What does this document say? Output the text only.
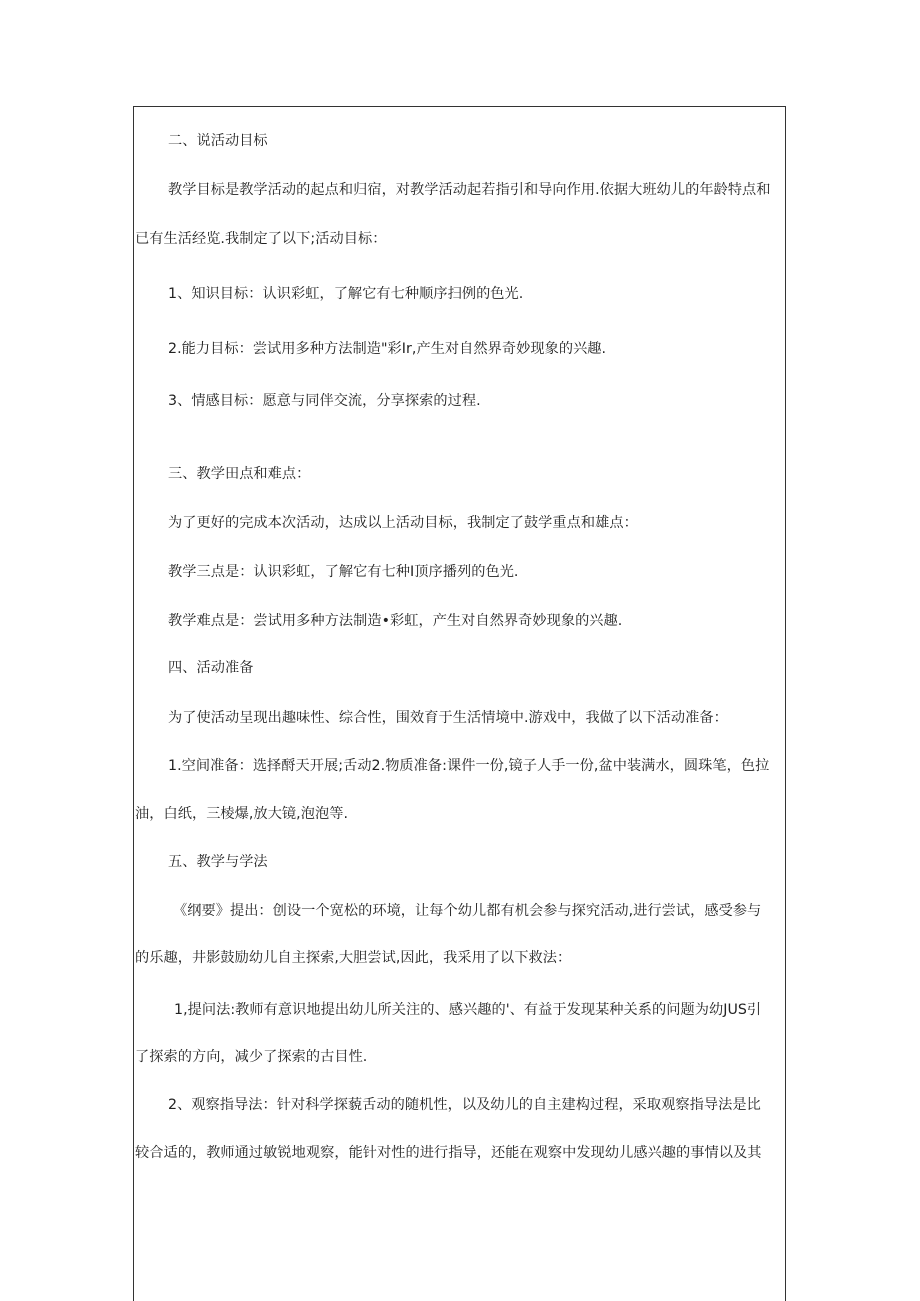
二、说活动目标
教学目标是教学活动的起点和归宿，对教学活动起若指引和导向作用.依据大班幼儿的年龄特点和
已有生活经览.我制定了以下;活动目标：
1、知识目标：认识彩虹，了解它有七种顺序扫例的色光.
2.能力目标：尝试用多种方法制造"彩Ir,产生对自然界奇妙现象的兴趣.
3、情感目标：愿意与同伴交流，分享探索的过程.
三、教学田点和难点：
为了更好的完成本次活动，达成以上活动目标，我制定了鼓学重点和雄点：
教学三点是：认识彩虹，了解它有七种I顶序播列的色光.
教学难点是：尝试用多种方法制造•彩虹，产生对自然界奇妙现象的兴趣.
四、活动准备
为了使活动呈现出趣味性、综合性，围效育于生活情境中.游戏中，我做了以下活动准备：
1.空间准备：选择酹天开展;舌动2.物质准备:课件一份,镜子人手一份,盆中装满水，圆珠笔，色拉
油，白纸，三棱爆,放大镜,泡泡等.
五、教学与学法
《纲要》提出：创设一个宽松的环境，让每个幼儿都有机会参与探究活动,进行尝试，感受参与
的乐趣，井影鼓励幼儿自主探索,大胆尝试,因此，我采用了以下救法：
1,提问法:教师有意识地提出幼儿所关注的、感兴趣的'、有益于发现某种关系的问题为幼JUS引
了探索的方向，减少了探索的古目性.
2、观察指导法：针对科学探藐舌动的随机性，以及幼儿的自主建构过程，采取观察指导法是比
较合适的，教师通过敏锐地观察，能针对性的进行指导，还能在观察中发现幼儿感兴趣的事情以及其
